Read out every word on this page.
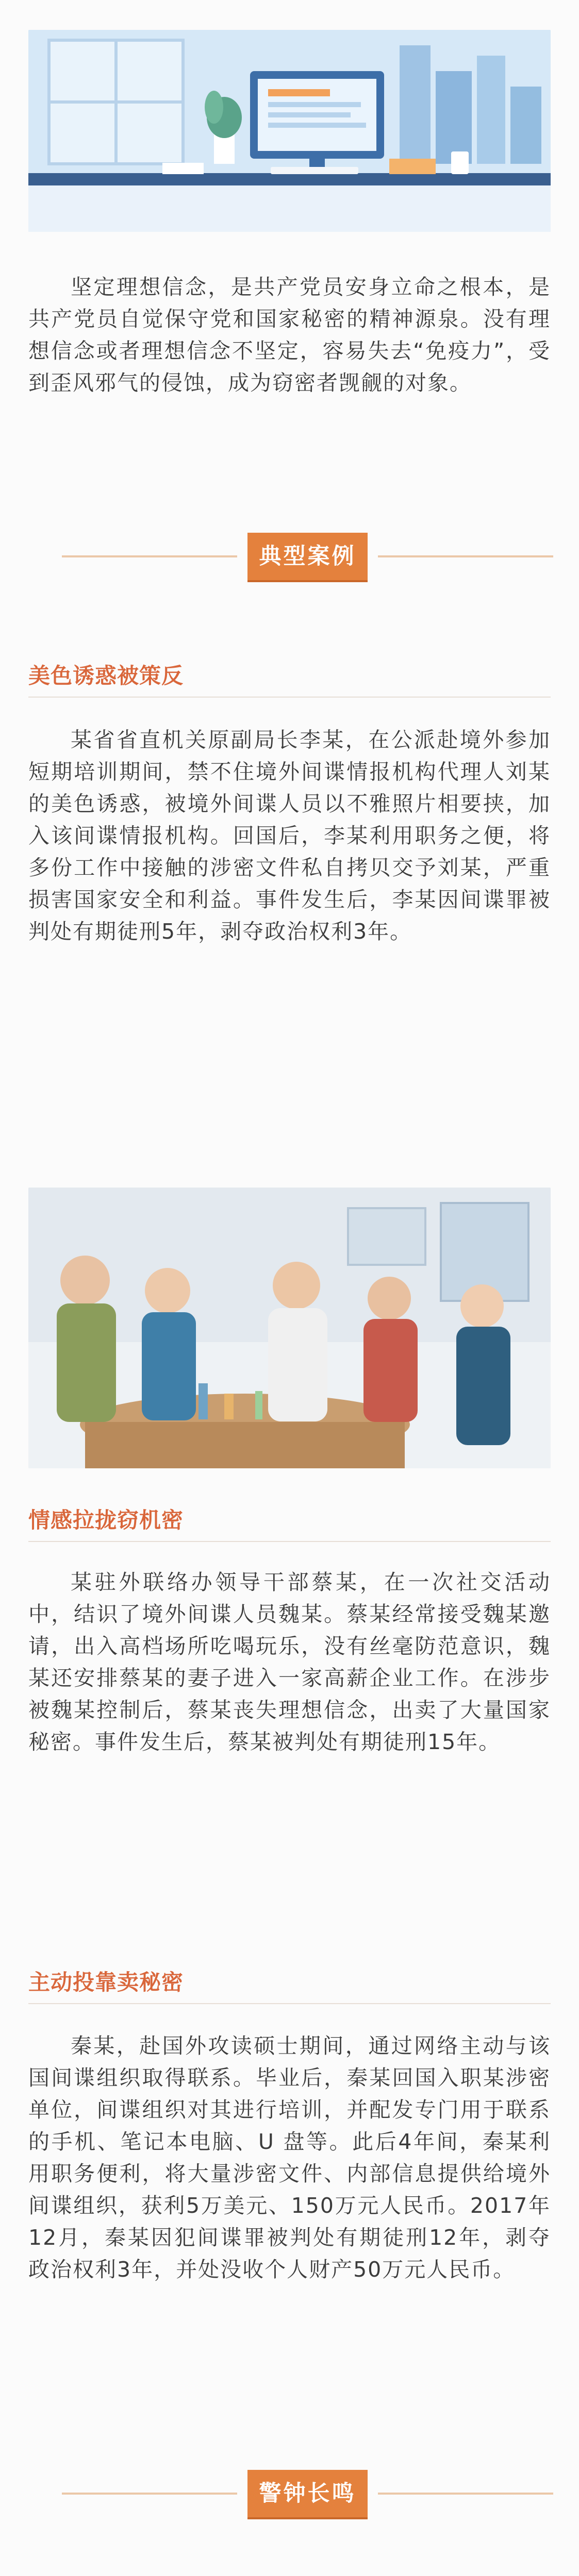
坚定理想信念，是共产党员安身立命之根本，是共产党员自觉保守党和国家秘密的精神源泉。没有理想信念或者理想信念不坚定，容易失去“免疫力”，受到歪风邪气的侵蚀，成为窃密者觊觎的对象。

典型案例
美色诱惑被策反

某省省直机关原副局长李某，在公派赴境外参加短期培训期间，禁不住境外间谍情报机构代理人刘某的美色诱惑，被境外间谍人员以不雅照片相要挟，加入该间谍情报机构。回国后，李某利用职务之便，将多份工作中接触的涉密文件私自拷贝交予刘某，严重损害国家安全和利益。事件发生后，李某因间谍罪被判处有期徒刑5年，剥夺政治权利3年。

情感拉拢窃机密

某驻外联络办领导干部蔡某，在一次社交活动中，结识了境外间谍人员魏某。蔡某经常接受魏某邀请，出入高档场所吃喝玩乐，没有丝毫防范意识，魏某还安排蔡某的妻子进入一家高薪企业工作。在涉步被魏某控制后，蔡某丧失理想信念，出卖了大量国家秘密。事件发生后，蔡某被判处有期徒刑15年。

主动投靠卖秘密

秦某，赴国外攻读硕士期间，通过网络主动与该国间谍组织取得联系。毕业后，秦某回国入职某涉密单位，间谍组织对其进行培训，并配发专门用于联系的手机、笔记本电脑、U 盘等。此后4年间，秦某利用职务便利，将大量涉密文件、内部信息提供给境外间谍组织，获利5万美元、150万元人民币。2017年12月，秦某因犯间谍罪被判处有期徒刑12年，剥夺政治权利3年，并处没收个人财产50万元人民币。

警钟长鸣
